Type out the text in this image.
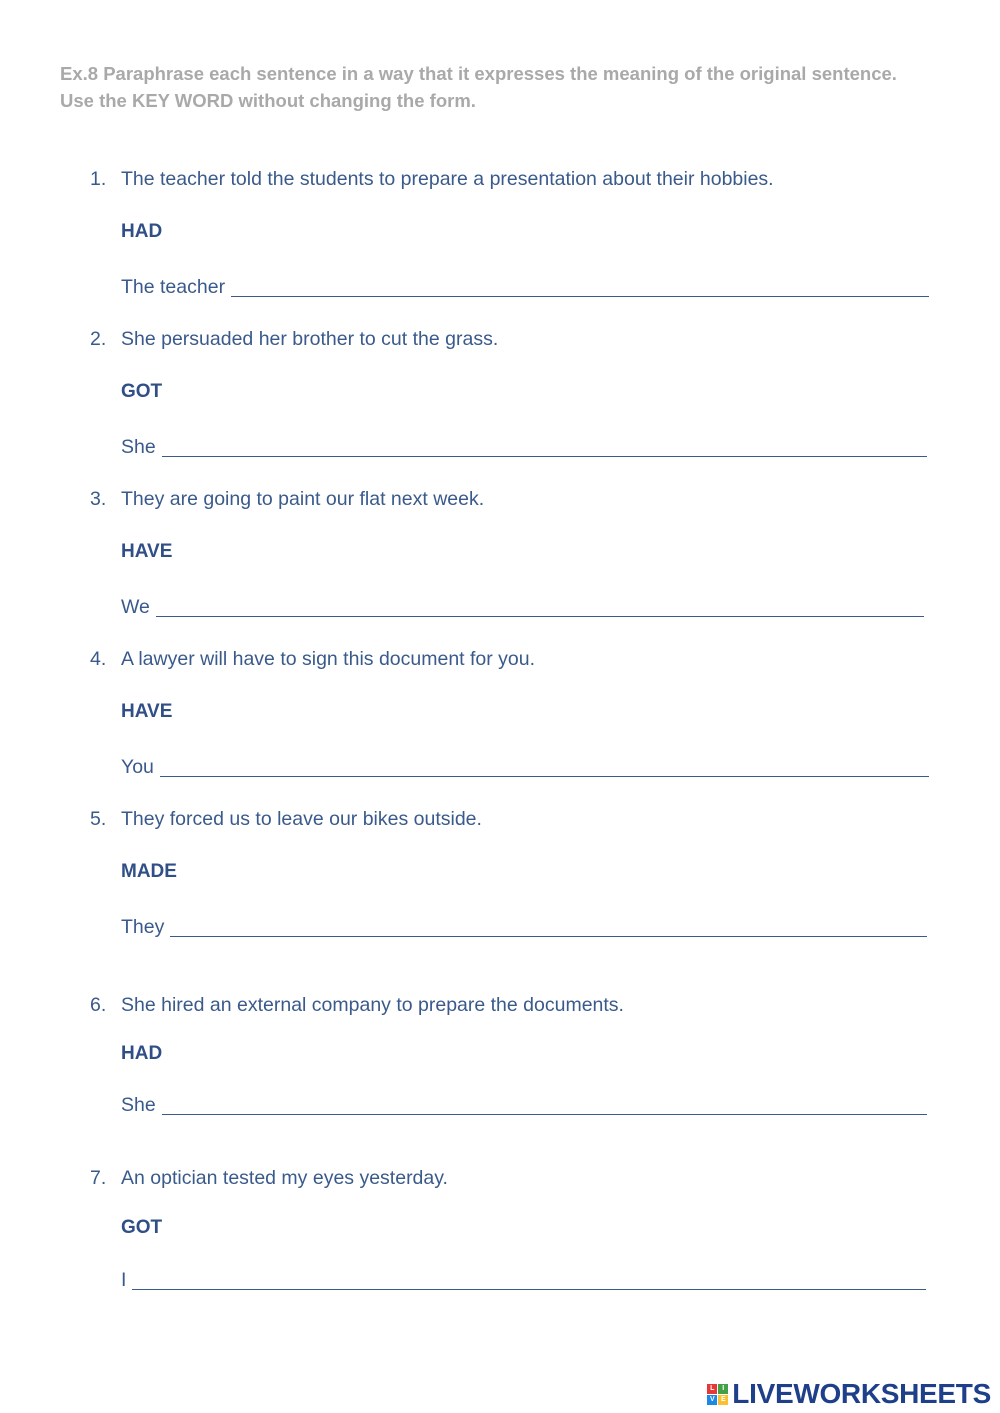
Ex.8 Paraphrase each sentence in a way that it expresses the meaning of the original sentence. Use the KEY WORD without changing the form.
1. The teacher told the students to prepare a presentation about their hobbies.
HAD
The teacher
2. She persuaded her brother to cut the grass.
GOT
She
3. They are going to paint our flat next week.
HAVE
We
4. A lawyer will have to sign this document for you.
HAVE
You
5. They forced us to leave our bikes outside.
MADE
They
6. She hired an external company to prepare the documents.
HAD
She
7. An optician tested my eyes yesterday.
GOT
I
L	I
V E LIVEWORKSHEETS
